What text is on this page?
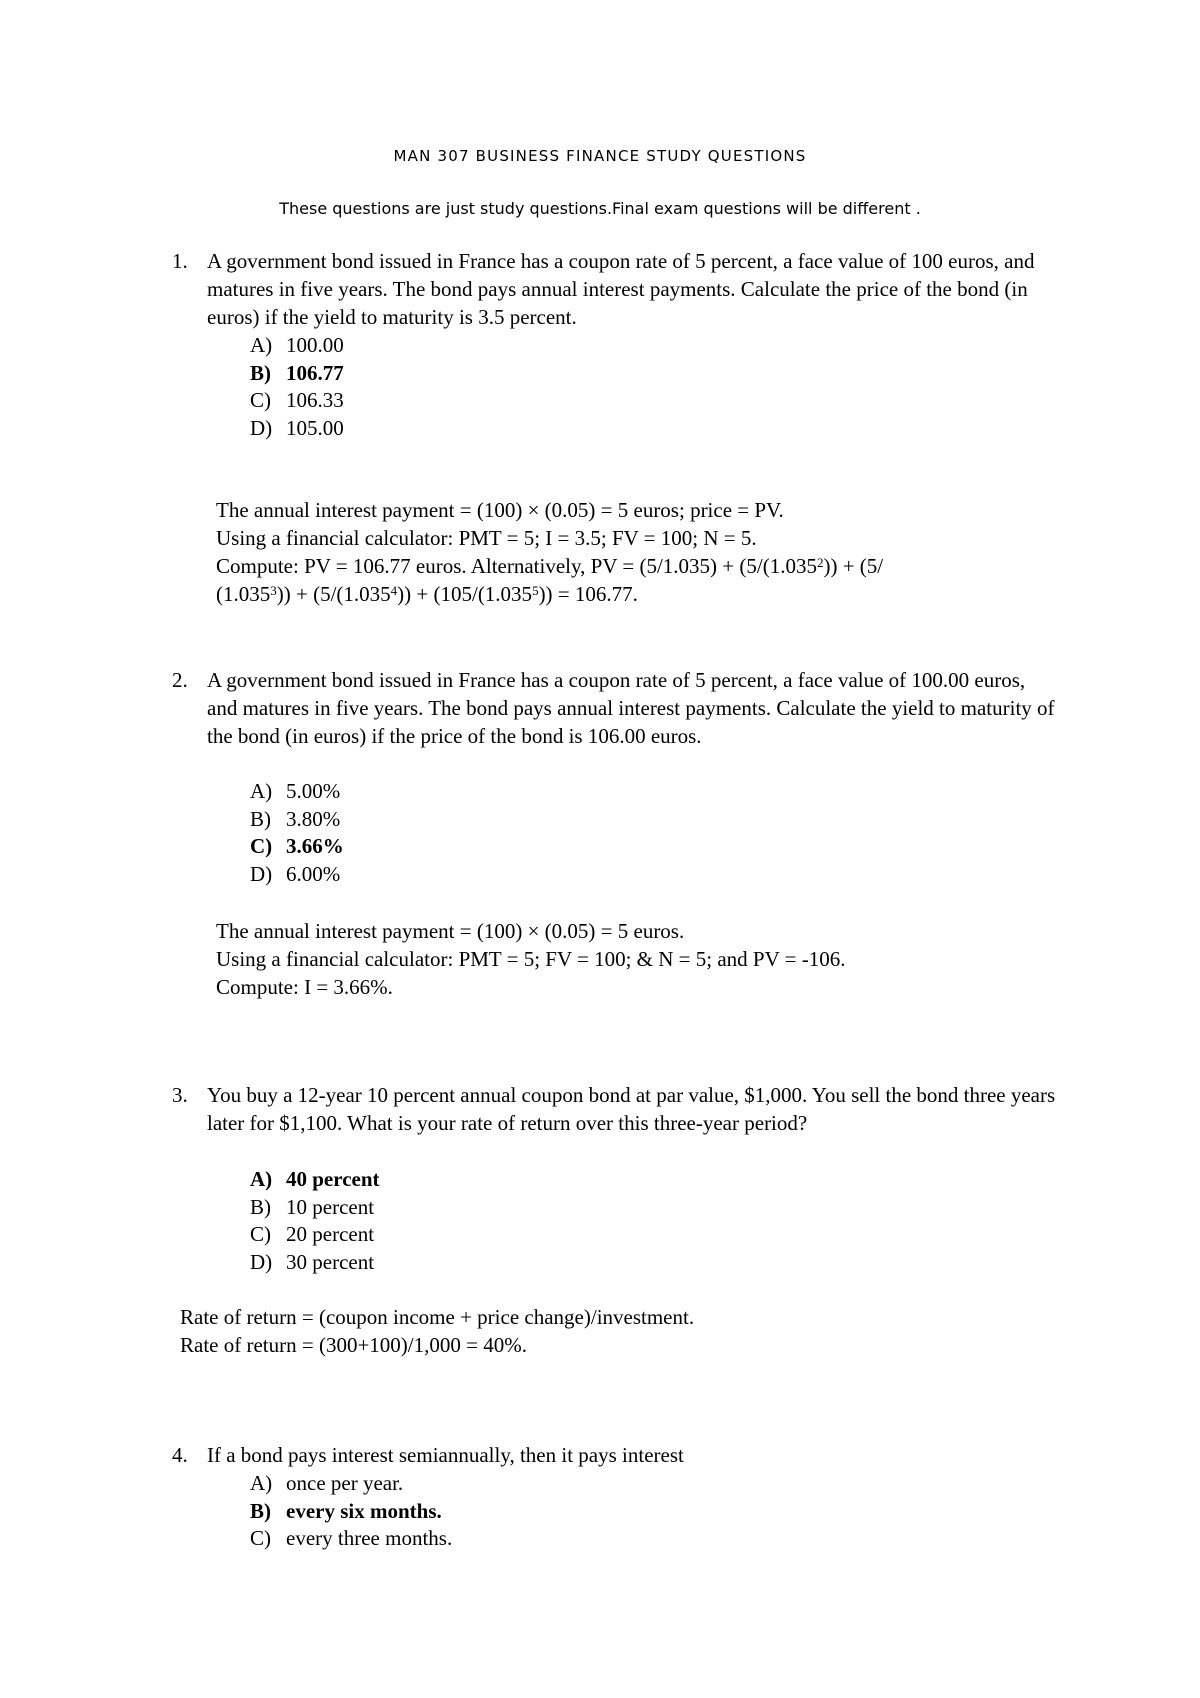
MAN 307 BUSINESS FINANCE STUDY QUESTIONS
These questions are just study questions.Final exam questions will be different .
1. A government bond issued in France has a coupon rate of 5 percent, a face value of 100 euros, and matures in five years. The bond pays annual interest payments. Calculate the price of the bond (in euros) if the yield to maturity is 3.5 percent.
A) 100.00
B) 106.77
C) 106.33
D) 105.00
The annual interest payment = (100) × (0.05) = 5 euros; price = PV.
Using a financial calculator: PMT = 5; I = 3.5; FV = 100; N = 5.
Compute: PV = 106.77 euros. Alternatively, PV = $(5/1.035) + (5/(1.035^2)) + (5/$
$(1.035^3)) + (5/(1.035^4)) + (105/(1.035^5)) = 106.77$.
2. A government bond issued in France has a coupon rate of 5 percent, a face value of 100.00 euros, and matures in five years. The bond pays annual interest payments. Calculate the yield to maturity of the bond (in euros) if the price of the bond is 106.00 euros.
A) 5.00%
B) 3.80%
C) 3.66%
D) 6.00%
The annual interest payment = (100) × (0.05) = 5 euros.
Using a financial calculator: PMT = 5; FV = 100; & N = 5; and PV = -106.
Compute: I = 3.66%.
3. You buy a 12-year 10 percent annual coupon bond at par value, $1,000. You sell the bond three years later for $1,100. What is your rate of return over this three-year period?
A) 40 percent
B) 10 percent
C) 20 percent
D) 30 percent
Rate of return = (coupon income + price change)/investment.
Rate of return = (300+100)/1,000 = 40%.
4. If a bond pays interest semiannually, then it pays interest
A) once per year.
B) every six months.
C) every three months.
